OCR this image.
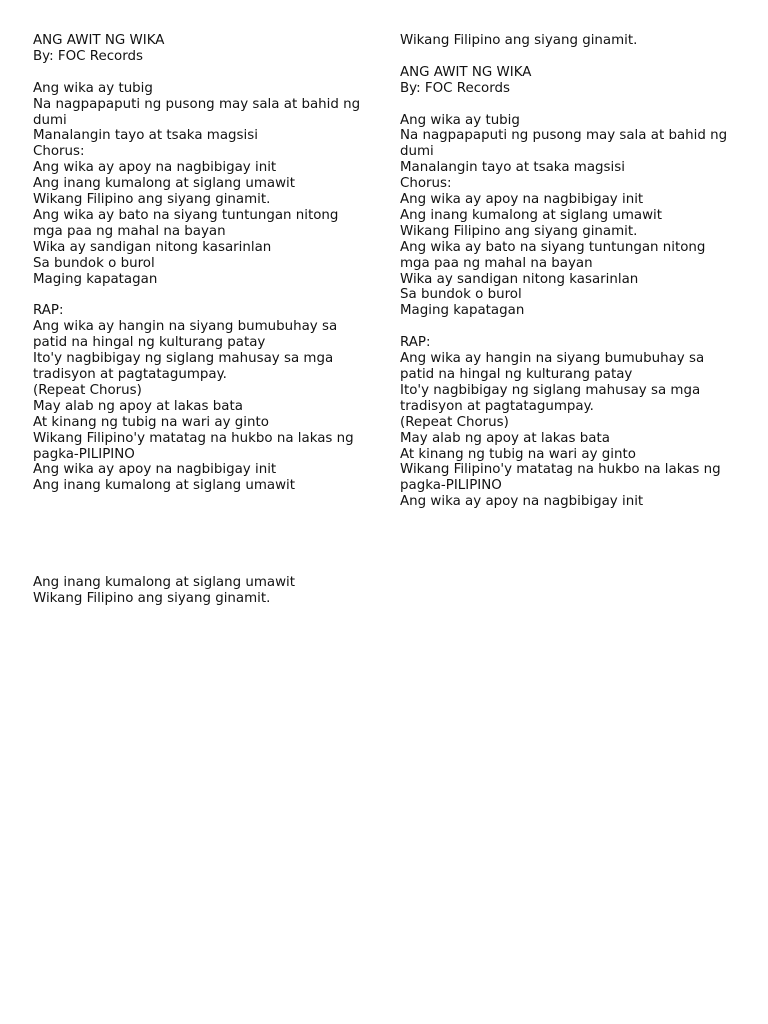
ANG AWIT NG WIKA
By: FOC Records
Ang wika ay tubig
Na nagpapaputi ng pusong may sala at bahid ng
dumi
Manalangin tayo at tsaka magsisi
Chorus:
Ang wika ay apoy na nagbibigay init
Ang inang kumalong at siglang umawit
Wikang Filipino ang siyang ginamit.
Ang wika ay bato na siyang tuntungan nitong
mga paa ng mahal na bayan
Wika ay sandigan nitong kasarinlan
Sa bundok o burol
Maging kapatagan
RAP:
Ang wika ay hangin na siyang bumubuhay sa
patid na hingal ng kulturang patay
Ito'y nagbibigay ng siglang mahusay sa mga
tradisyon at pagtatagumpay.
(Repeat Chorus)
May alab ng apoy at lakas bata
At kinang ng tubig na wari ay ginto
Wikang Filipino'y matatag na hukbo na lakas ng
pagka-PILIPINO
Ang wika ay apoy na nagbibigay init
Ang inang kumalong at siglang umawit
Ang inang kumalong at siglang umawit
Wikang Filipino ang siyang ginamit.
Wikang Filipino ang siyang ginamit.
ANG AWIT NG WIKA
By: FOC Records
Ang wika ay tubig
Na nagpapaputi ng pusong may sala at bahid ng
dumi
Manalangin tayo at tsaka magsisi
Chorus:
Ang wika ay apoy na nagbibigay init
Ang inang kumalong at siglang umawit
Wikang Filipino ang siyang ginamit.
Ang wika ay bato na siyang tuntungan nitong
mga paa ng mahal na bayan
Wika ay sandigan nitong kasarinlan
Sa bundok o burol
Maging kapatagan
RAP:
Ang wika ay hangin na siyang bumubuhay sa
patid na hingal ng kulturang patay
Ito'y nagbibigay ng siglang mahusay sa mga
tradisyon at pagtatagumpay.
(Repeat Chorus)
May alab ng apoy at lakas bata
At kinang ng tubig na wari ay ginto
Wikang Filipino'y matatag na hukbo na lakas ng
pagka-PILIPINO
Ang wika ay apoy na nagbibigay init
